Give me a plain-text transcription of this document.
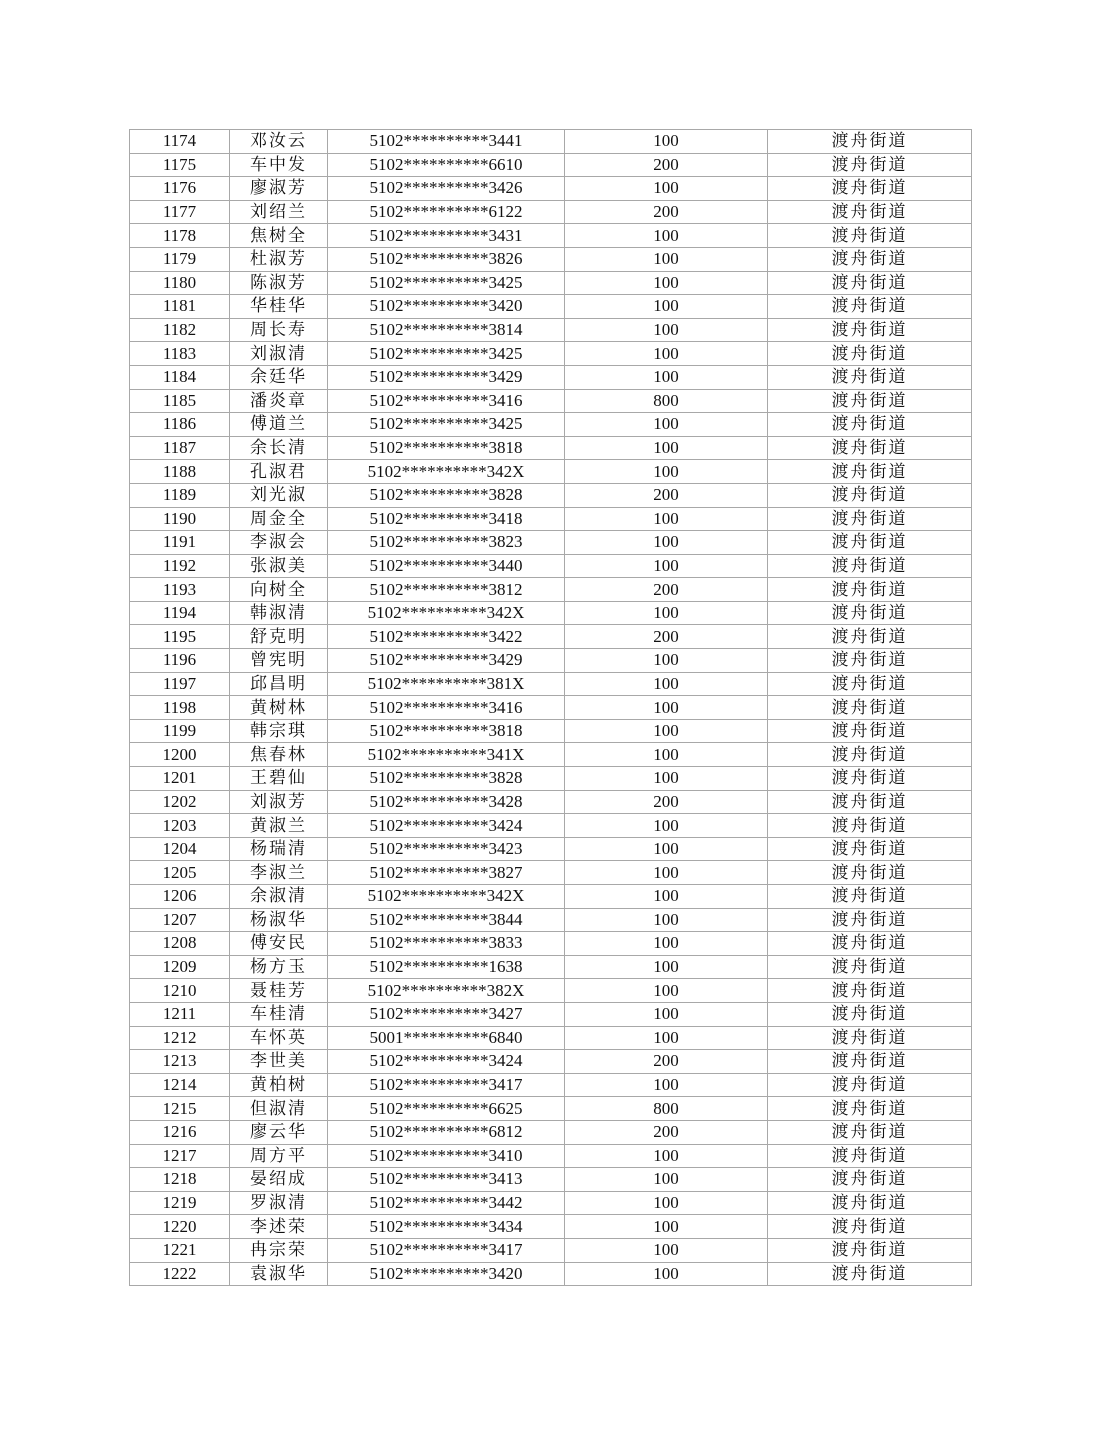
1174	邓汝云	5102**********3441	100	渡舟街道
1175	车中发	5102**********6610	200	渡舟街道
1176	廖淑芳	5102**********3426	100	渡舟街道
1177	刘绍兰	5102**********6122	200	渡舟街道
1178	焦树全	5102**********3431	100	渡舟街道
1179	杜淑芳	5102**********3826	100	渡舟街道
1180	陈淑芳	5102**********3425	100	渡舟街道
1181	华桂华	5102**********3420	100	渡舟街道
1182	周长寿	5102**********3814	100	渡舟街道
1183	刘淑清	5102**********3425	100	渡舟街道
1184	余廷华	5102**********3429	100	渡舟街道
1185	潘炎章	5102**********3416	800	渡舟街道
1186	傅道兰	5102**********3425	100	渡舟街道
1187	余长清	5102**********3818	100	渡舟街道
1188	孔淑君	5102**********342X	100	渡舟街道
1189	刘光淑	5102**********3828	200	渡舟街道
1190	周金全	5102**********3418	100	渡舟街道
1191	李淑会	5102**********3823	100	渡舟街道
1192	张淑美	5102**********3440	100	渡舟街道
1193	向树全	5102**********3812	200	渡舟街道
1194	韩淑清	5102**********342X	100	渡舟街道
1195	舒克明	5102**********3422	200	渡舟街道
1196	曾宪明	5102**********3429	100	渡舟街道
1197	邱昌明	5102**********381X	100	渡舟街道
1198	黄树林	5102**********3416	100	渡舟街道
1199	韩宗琪	5102**********3818	100	渡舟街道
1200	焦春林	5102**********341X	100	渡舟街道
1201	王碧仙	5102**********3828	100	渡舟街道
1202	刘淑芳	5102**********3428	200	渡舟街道
1203	黄淑兰	5102**********3424	100	渡舟街道
1204	杨瑞清	5102**********3423	100	渡舟街道
1205	李淑兰	5102**********3827	100	渡舟街道
1206	余淑清	5102**********342X	100	渡舟街道
1207	杨淑华	5102**********3844	100	渡舟街道
1208	傅安民	5102**********3833	100	渡舟街道
1209	杨方玉	5102**********1638	100	渡舟街道
1210	聂桂芳	5102**********382X	100	渡舟街道
1211	车桂清	5102**********3427	100	渡舟街道
1212	车怀英	5001**********6840	100	渡舟街道
1213	李世美	5102**********3424	200	渡舟街道
1214	黄柏树	5102**********3417	100	渡舟街道
1215	但淑清	5102**********6625	800	渡舟街道
1216	廖云华	5102**********6812	200	渡舟街道
1217	周方平	5102**********3410	100	渡舟街道
1218	晏绍成	5102**********3413	100	渡舟街道
1219	罗淑清	5102**********3442	100	渡舟街道
1220	李述荣	5102**********3434	100	渡舟街道
1221	冉宗荣	5102**********3417	100	渡舟街道
1222	袁淑华	5102**********3420	100	渡舟街道
